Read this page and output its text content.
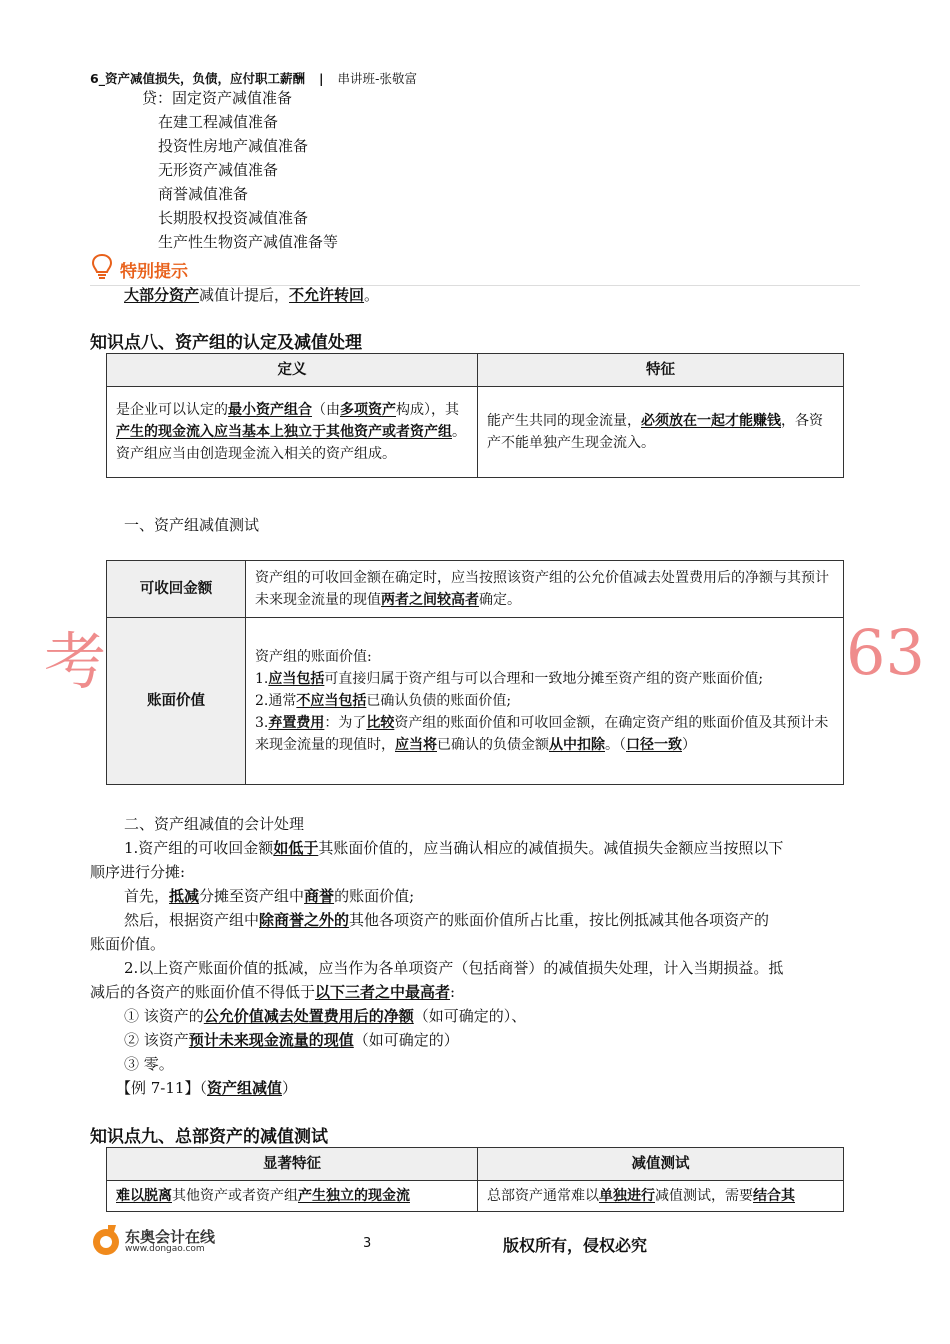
6_资产减值损失，负债，应付职工薪酬 | 串讲班-张敬富
贷：固定资产减值准备
在建工程减值准备
投资性房地产减值准备
无形资产减值准备
商誉减值准备
长期股权投资减值准备
生产性生物资产减值准备等
特别提示
大部分资产减值计提后，不允许转回。
知识点八、资产组的认定及减值处理
定义	特征
是企业可以认定的最小资产组合（由多项资产构成），其产生的现金流入应当基本上独立于其他资产或者资产组。资产组应当由创造现金流入相关的资产组成。	能产生共同的现金流量，必须放在一起才能赚钱，各资产不能单独产生现金流入。
一、资产组减值测试
可收回金额	资产组的可收回金额在确定时，应当按照该资产组的公允价值减去处置费用后的净额与其预计未来现金流量的现值两者之间较高者确定。
账面价值	资产组的账面价值:
1.应当包括可直接归属于资产组与可以合理和一致地分摊至资产组的资产账面价值;
2.通常不应当包括已确认负债的账面价值;
3.弃置费用：为了比较资产组的账面价值和可收回金额，在确定资产组的账面价值及其预计未来现金流量的现值时，应当将已确认的负债金额从中扣除。（口径一致）
考	63
二、资产组减值的会计处理
1.资产组的可收回金额如低于其账面价值的，应当确认相应的减值损失。减值损失金额应当按照以下
顺序进行分摊:
首先，抵减分摊至资产组中商誉的账面价值;
然后，根据资产组中除商誉之外的其他各项资产的账面价值所占比重，按比例抵减其他各项资产的
账面价值。
2.以上资产账面价值的抵减，应当作为各单项资产（包括商誉）的减值损失处理，计入当期损益。抵
减后的各资产的账面价值不得低于以下三者之中最高者:
① 该资产的公允价值减去处置费用后的净额（如可确定的）、
② 该资产预计未来现金流量的现值（如可确定的）
③ 零。
【例 7-11】（资产组减值）
知识点九、总部资产的减值测试
显著特征	减值测试
难以脱离其他资产或者资产组产生独立的现金流	总部资产通常难以单独进行减值测试，需要结合其
东奥会计在线
www.dongao.com	3	版权所有，侵权必究
